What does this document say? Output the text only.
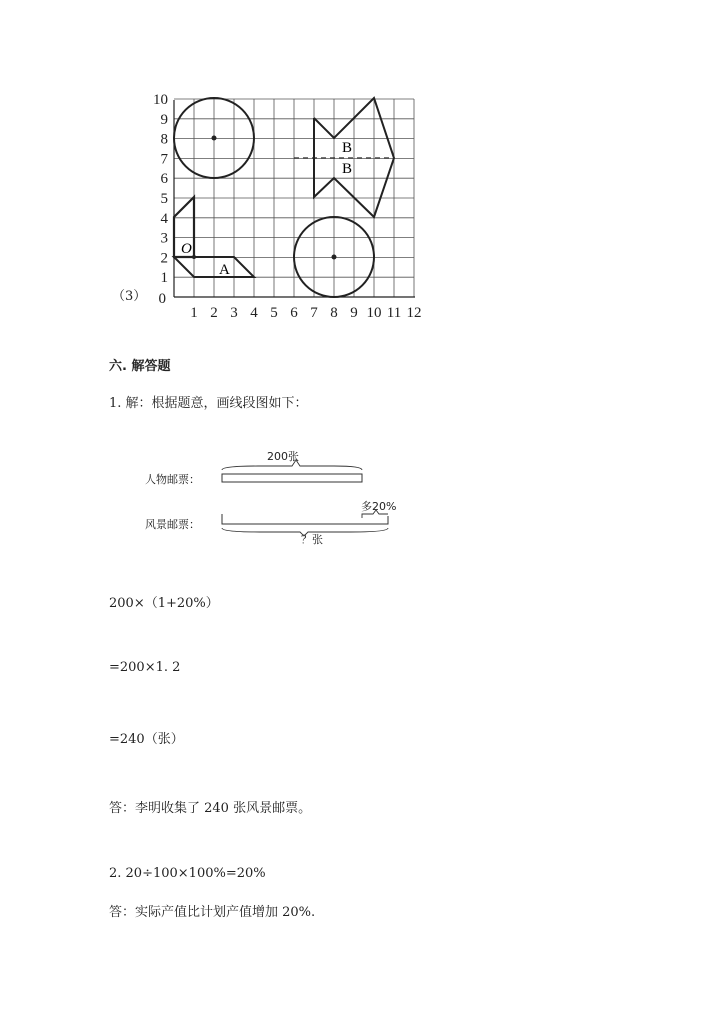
（3）
1 2 3 4 5 6 7 8 9 10 11 12
1
2
3
4
5
6
7
8
9
10
0
O
A
B
B
六. 解答题
1. 解：根据题意，画线段图如下：
人物邮票：
200张
风景邮票：
多20%
？张
200×（1+20%）
=200×1. 2
=240（张）
答：李明收集了 240 张风景邮票。
2. 20÷100×100%=20%
答：实际产值比计划产值增加 20%.
